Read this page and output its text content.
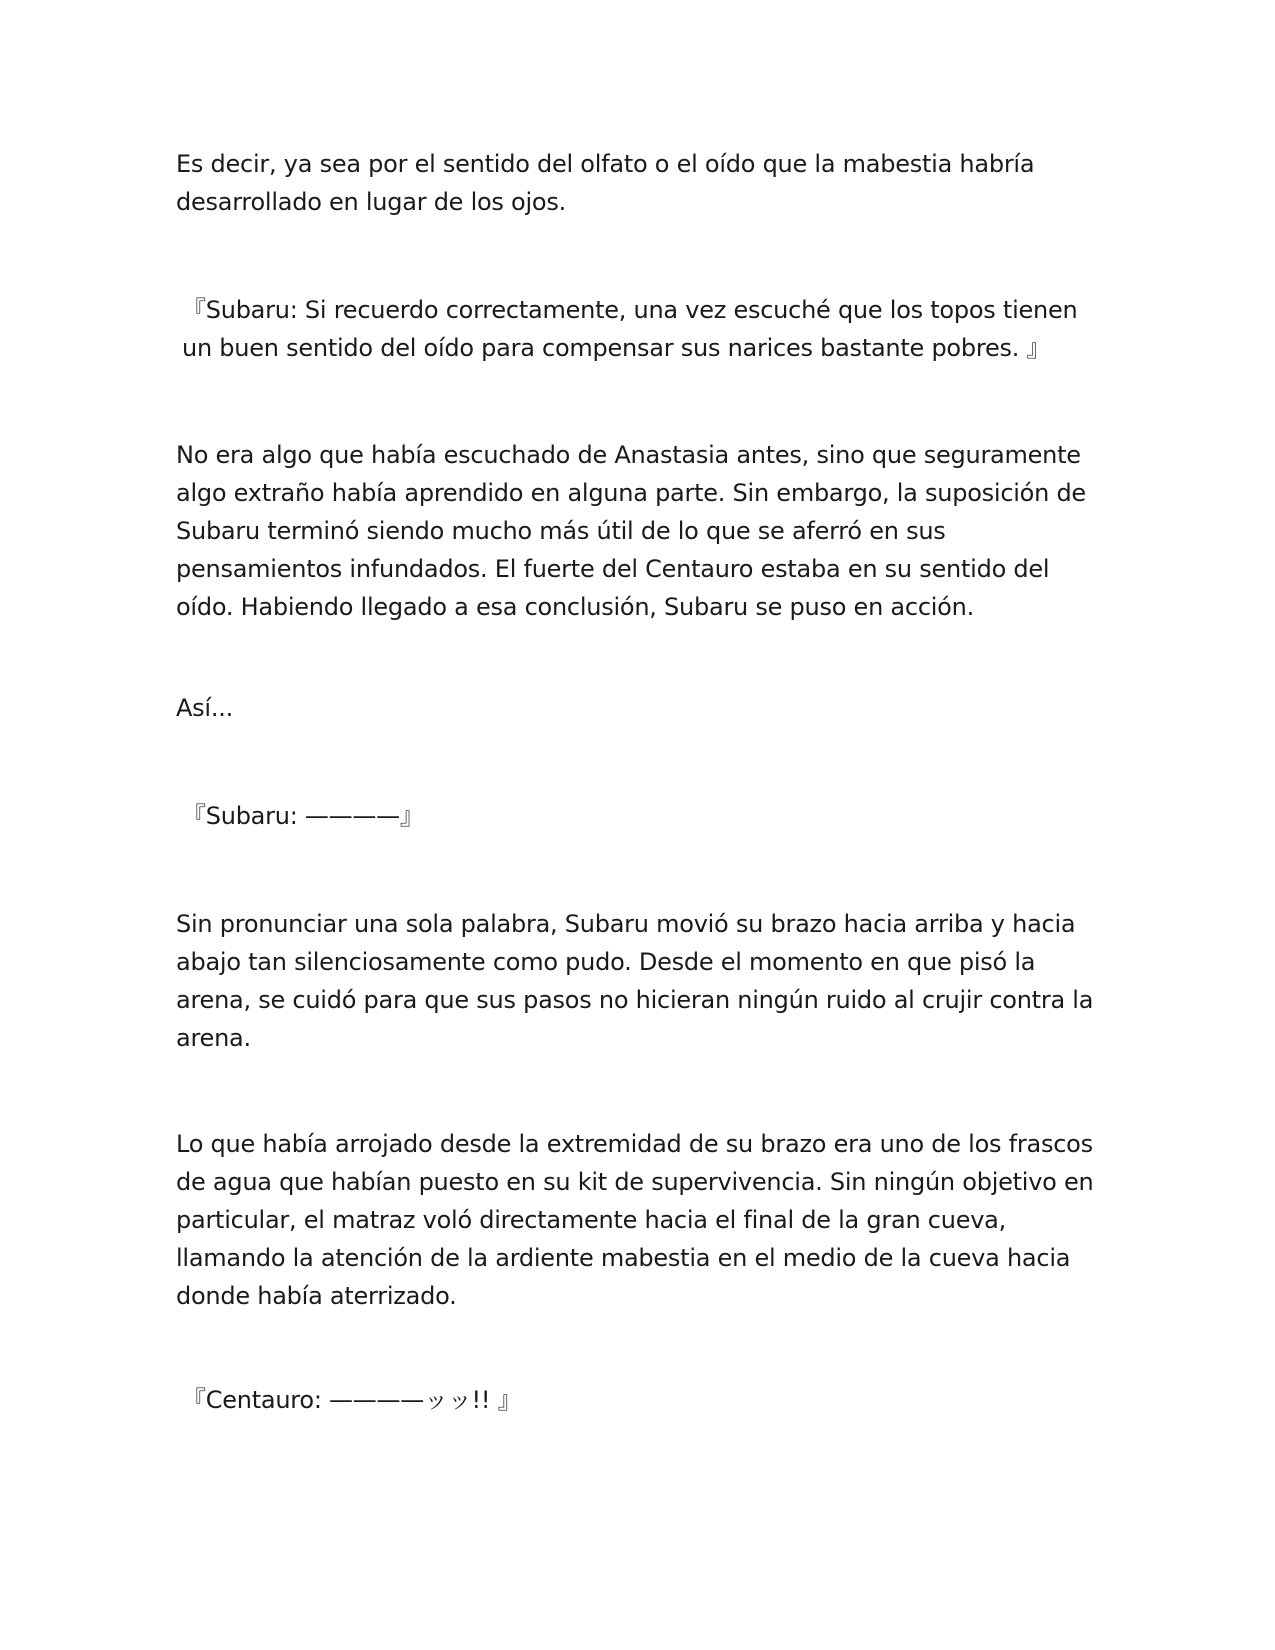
Es decir, ya sea por el sentido del olfato o el oído que la mabestia habría desarrollado en lugar de los ojos.

『Subaru: Si recuerdo correctamente, una vez escuché que los topos tienen un buen sentido del oído para compensar sus narices bastante pobres. 』

No era algo que había escuchado de Anastasia antes, sino que seguramente algo extraño había aprendido en alguna parte. Sin embargo, la suposición de Subaru terminó siendo mucho más útil de lo que se aferró en sus pensamientos infundados. El fuerte del Centauro estaba en su sentido del oído. Habiendo llegado a esa conclusión, Subaru se puso en acción.

Así...

『Subaru: ————』

Sin pronunciar una sola palabra, Subaru movió su brazo hacia arriba y hacia abajo tan silenciosamente como pudo. Desde el momento en que pisó la arena, se cuidó para que sus pasos no hicieran ningún ruido al crujir contra la arena.

Lo que había arrojado desde la extremidad de su brazo era uno de los frascos de agua que habían puesto en su kit de supervivencia. Sin ningún objetivo en particular, el matraz voló directamente hacia el final de la gran cueva, llamando la atención de la ardiente mabestia en el medio de la cueva hacia donde había aterrizado.

『Centauro: ————ッッ!! 』
